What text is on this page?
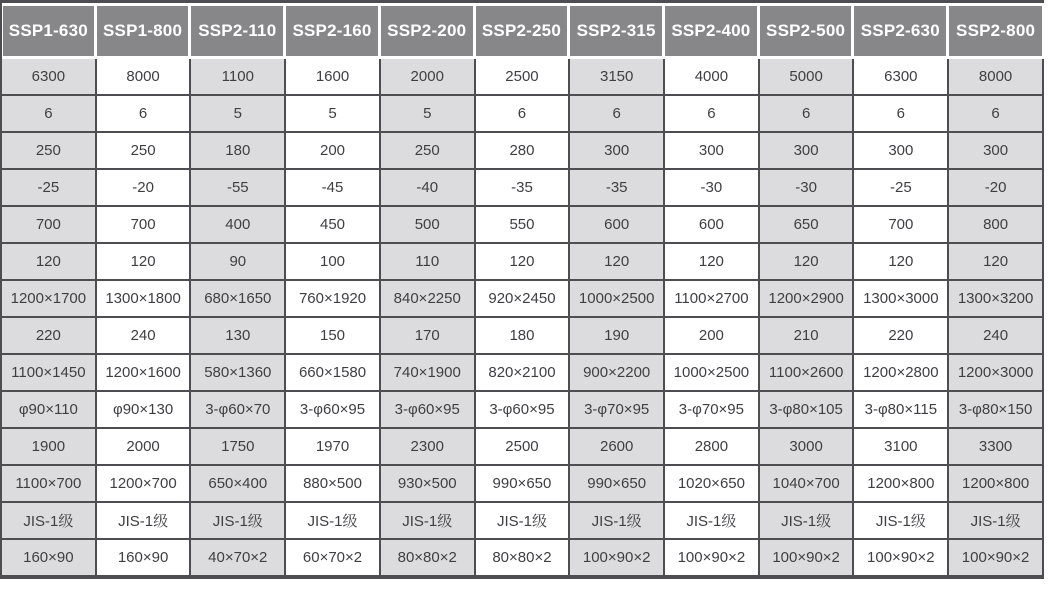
SSP1-630	SSP1-800	SSP2-110	SSP2-160	SSP2-200	SSP2-250	SSP2-315	SSP2-400	SSP2-500	SSP2-630	SSP2-800
6300	8000	1100	1600	2000	2500	3150	4000	5000	6300	8000
6	6	5	5	5	6	6	6	6	6	6
250	250	180	200	250	280	300	300	300	300	300
-25	-20	-55	-45	-40	-35	-35	-30	-30	-25	-20
700	700	400	450	500	550	600	600	650	700	800
120	120	90	100	110	120	120	120	120	120	120
1200×1700	1300×1800	680×1650	760×1920	840×2250	920×2450	1000×2500	1100×2700	1200×2900	1300×3000	1300×3200
220	240	130	150	170	180	190	200	210	220	240
1100×1450	1200×1600	580×1360	660×1580	740×1900	820×2100	900×2200	1000×2500	1100×2600	1200×2800	1200×3000
φ90×110	φ90×130	3-φ60×70	3-φ60×95	3-φ60×95	3-φ60×95	3-φ70×95	3-φ70×95	3-φ80×105	3-φ80×115	3-φ80×150
1900	2000	1750	1970	2300	2500	2600	2800	3000	3100	3300
1100×700	1200×700	650×400	880×500	930×500	990×650	990×650	1020×650	1040×700	1200×800	1200×800
JIS-1级	JIS-1级	JIS-1级	JIS-1级	JIS-1级	JIS-1级	JIS-1级	JIS-1级	JIS-1级	JIS-1级	JIS-1级
160×90	160×90	40×70×2	60×70×2	80×80×2	80×80×2	100×90×2	100×90×2	100×90×2	100×90×2	100×90×2
